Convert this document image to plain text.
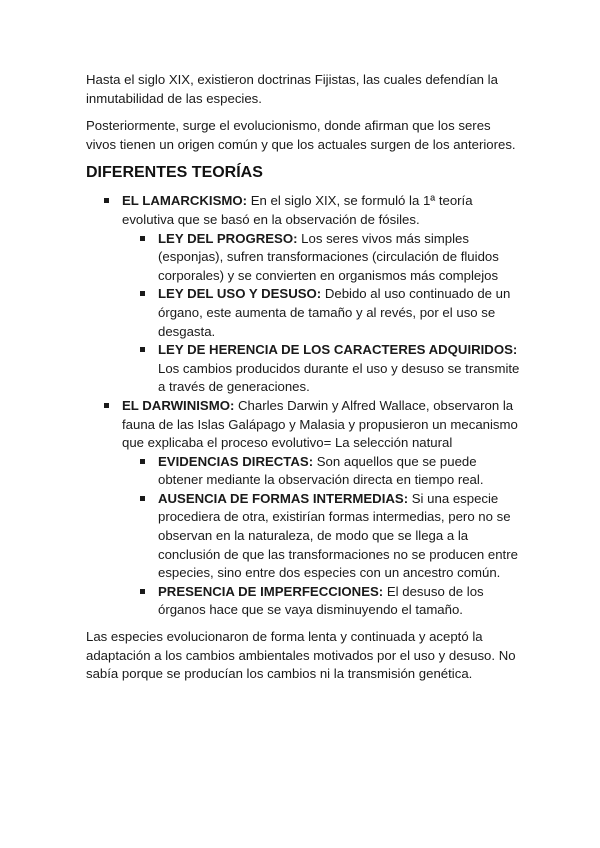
Hasta el siglo XIX, existieron doctrinas Fijistas, las cuales defendían la inmutabilidad de las especies.

Posteriormente, surge el evolucionismo, donde afirman que los seres vivos tienen un origen común y que los actuales surgen de los anteriores.

DIFERENTES TEORÍAS
EL LAMARCKISMO: En el siglo XIX, se formuló la 1ª teoría evolutiva que se basó en la observación de fósiles.
LEY DEL PROGRESO: Los seres vivos más simples (esponjas), sufren transformaciones (circulación de fluidos corporales) y se convierten en organismos más complejos
LEY DEL USO Y DESUSO: Debido al uso continuado de un órgano, este aumenta de tamaño y al revés, por el uso se desgasta.
LEY DE HERENCIA DE LOS CARACTERES ADQUIRIDOS: Los cambios producidos durante el uso y desuso se transmite a través de generaciones.
EL DARWINISMO: Charles Darwin y Alfred Wallace, observaron la fauna de las Islas Galápago y Malasia y propusieron un mecanismo que explicaba el proceso evolutivo= La selección natural
EVIDENCIAS DIRECTAS: Son aquellos que se puede obtener mediante la observación directa en tiempo real.
AUSENCIA DE FORMAS INTERMEDIAS: Si una especie procediera de otra, existirían formas intermedias, pero no se observan en la naturaleza, de modo que se llega a la conclusión de que las transformaciones no se producen entre especies, sino entre dos especies con un ancestro común.
PRESENCIA DE IMPERFECCIONES: El desuso de los órganos hace que se vaya disminuyendo el tamaño.

Las especies evolucionaron de forma lenta y continuada y aceptó la adaptación a los cambios ambientales motivados por el uso y desuso. No sabía porque se producían los cambios ni la transmisión genética.
